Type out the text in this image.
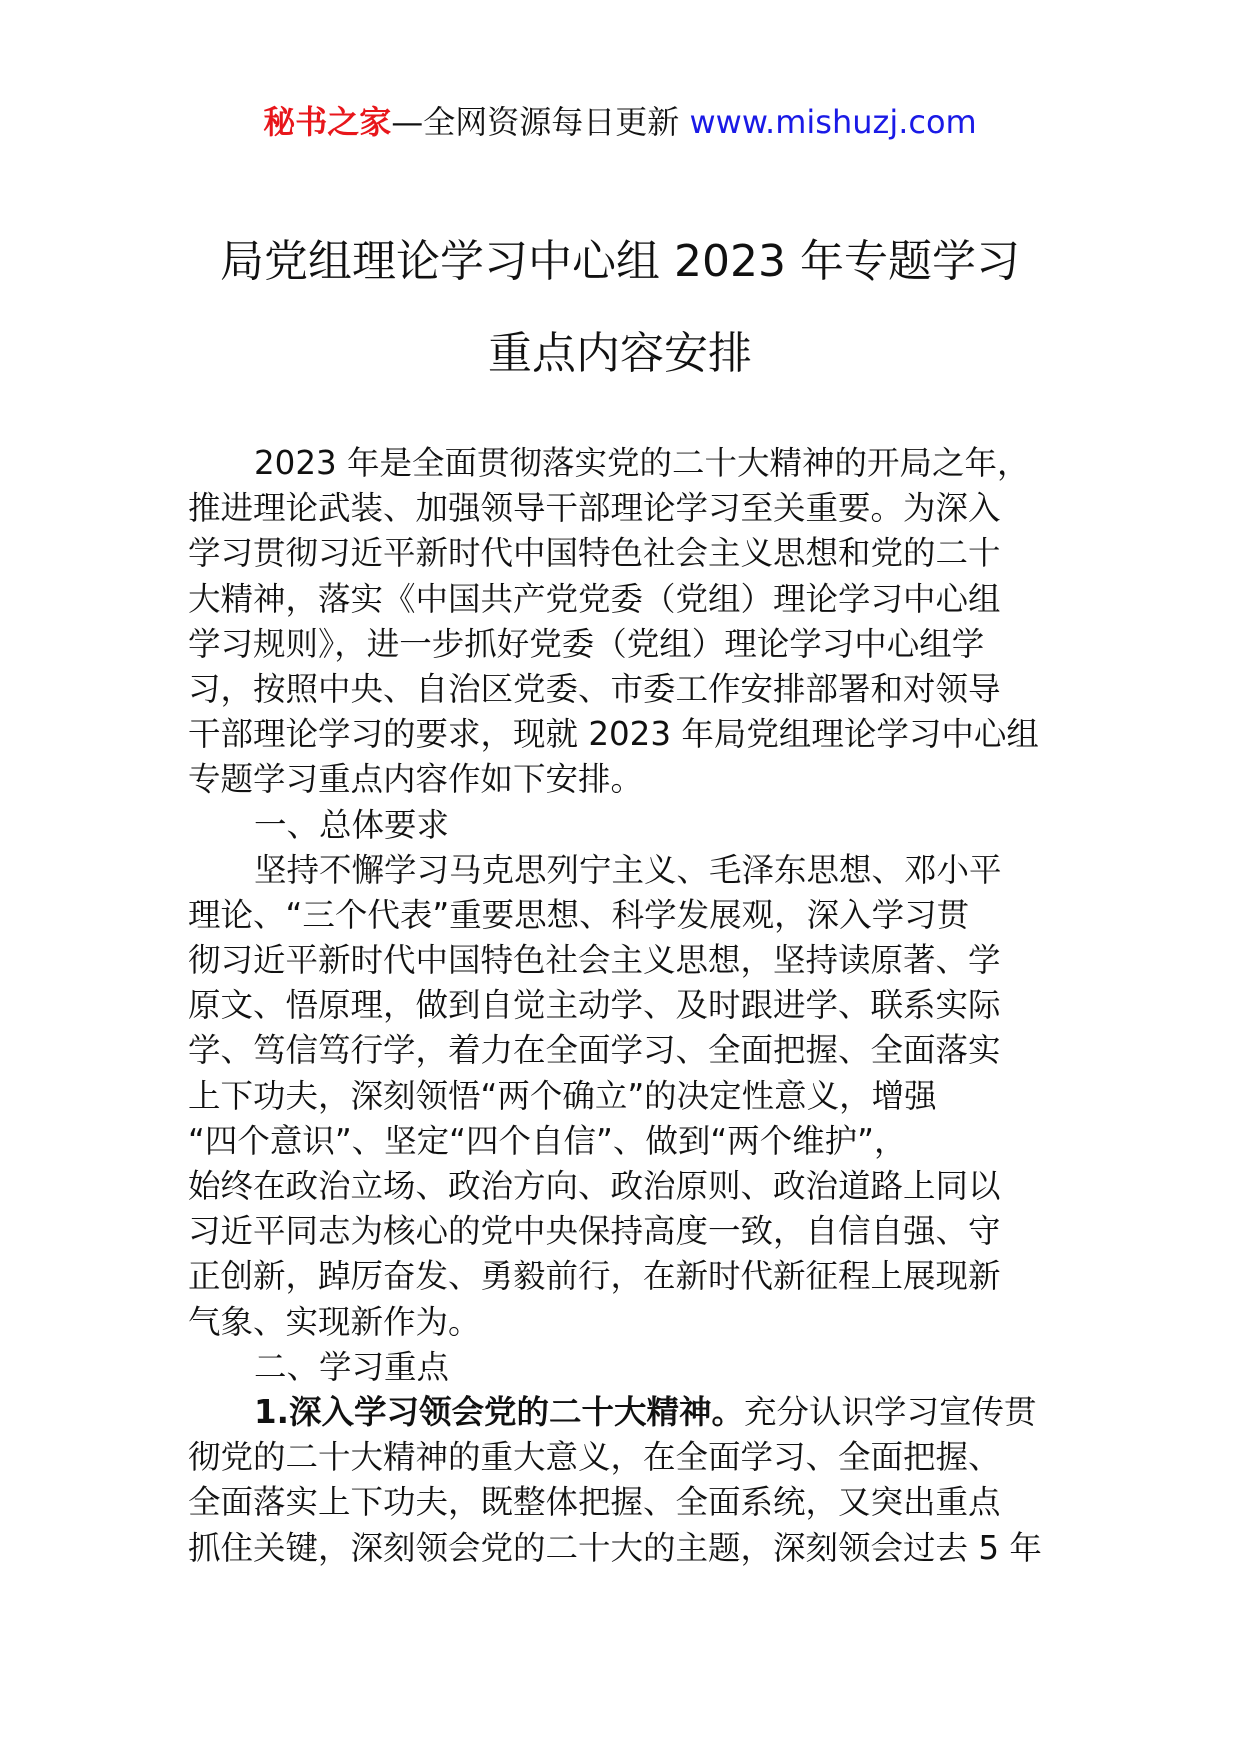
秘书之家—全网资源每日更新 www.mishuzj.com
局党组理论学习中心组 2023 年专题学习
重点内容安排
2023 年是全面贯彻落实党的二十大精神的开局之年，
推进理论武装、加强领导干部理论学习至关重要。为深入
学习贯彻习近平新时代中国特色社会主义思想和党的二十
大精神，落实《中国共产党党委（党组）理论学习中心组
学习规则》，进一步抓好党委（党组）理论学习中心组学
习，按照中央、自治区党委、市委工作安排部署和对领导
干部理论学习的要求，现就 2023 年局党组理论学习中心组
专题学习重点内容作如下安排。
一、总体要求
坚持不懈学习马克思列宁主义、毛泽东思想、邓小平
理论、“三个代表”重要思想、科学发展观，深入学习贯
彻习近平新时代中国特色社会主义思想，坚持读原著、学
原文、悟原理，做到自觉主动学、及时跟进学、联系实际
学、笃信笃行学，着力在全面学习、全面把握、全面落实
上下功夫，深刻领悟“两个确立”的决定性意义，增强
“四个意识”、坚定“四个自信”、做到“两个维护”，
始终在政治立场、政治方向、政治原则、政治道路上同以
习近平同志为核心的党中央保持高度一致，自信自强、守
正创新，踔厉奋发、勇毅前行，在新时代新征程上展现新
气象、实现新作为。
二、学习重点
1.深入学习领会党的二十大精神。充分认识学习宣传贯
彻党的二十大精神的重大意义，在全面学习、全面把握、
全面落实上下功夫，既整体把握、全面系统，又突出重点
抓住关键，深刻领会党的二十大的主题，深刻领会过去 5 年
